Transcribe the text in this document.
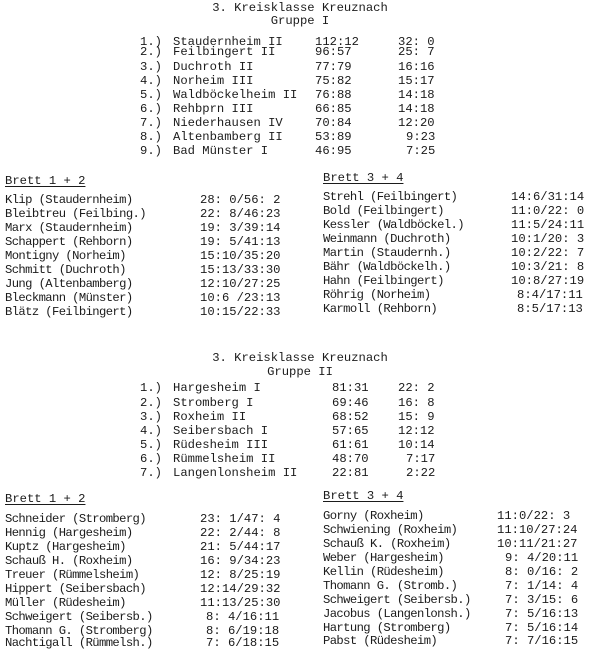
3. Kreisklasse Kreuznach
Gruppe I
1.) Staudernheim II	112:12	32: 0
2.) Feilbingert II	96:57	25: 7
3.) Duchroth II	77:79	16:16
4.) Norheim III	75:82	15:17
5.) Waldböckelheim II 76:88	14:18
6.) Rehbprn III	66:85	14:18
7.) Niederhausen IV	70:84	12:20
8.) Altenbamberg II	53:89	9:23
9.) Bad Münster I	46:95	7:25
Brett 1 + 2
Klip (Staudernheim)	28: 0/56: 2
Bleibtreu (Feilbing.)	22: 8/46:23
Marx (Staudernheim)	19: 3/39:14
Schappert (Rehborn)	19: 5/41:13
Montigny (Norheim)	15:10/35:20
Schmitt (Duchroth)	15:13/33:30
Jung (Altenbamberg)	12:10/27:25
Bleckmann (Münster)	10:6 /23:13
Blätz (Feilbingert)	10:15/22:33
Brett 3 + 4
Strehl (Feilbingert)	14:6/31:14
Bold (Feilbingert)	11:0/22: 0
Kessler (Waldböckel.)	11:5/24:11
Weinmann (Duchroth)	10:1/20: 3
Martin (Staudernh.)	10:2/22: 7
Bähr (Waldböckelh.)	10:3/21: 8
Hahn (Feilbingert)	10:8/27:19
Röhrig (Norheim)	8:4/17:11
Karmoll (Rehborn)	8:5/17:13
3. Kreisklasse Kreuznach
Gruppe II
1.) Hargesheim I	81:31 22: 2
2.) Stromberg I	69:46 16: 8
3.) Roxheim II	68:52 15: 9
4.) Seibersbach I	57:65 12:12
5.) Rüdesheim III	61:61 10:14
6.) Rümmelsheim II	48:70	7:17
7.) Langenlonsheim II	22:81	2:22
Brett 1 + 2
Schneider (Stromberg)	23: 1/47: 4
Hennig (Hargesheim)	22: 2/44: 8
Kuptz (Hargesheim)	21: 5/44:17
Schauß H. (Roxheim)	16: 9/34:23
Treuer (Rümmelsheim)	12: 8/25:19
Hippert (Seibersbach)	12:14/29:32
Müller (Rüdesheim)	11:13/25:30
Schweigert (Seibersb.)	8: 4/16:11
Thomann G. (Stromberg)	8: 6/19:18
Nachtigall (Rümmelsh.)	7: 6/18:15
Brett 3 + 4
Gorny (Roxheim)	11:0/22: 3
Schwiening (Roxheim)	11:10/27:24
Schauß K. (Roxheim)	10:11/21:27
Weber (Hargesheim)	9: 4/20:11
Kellin (Rüdesheim)	8: 0/16: 2
Thomann G. (Stromb.)	7: 1/14: 4
Schweigert (Seibersb.)	7: 3/15: 6
Jacobus (Langenlonsh.)	7: 5/16:13
Hartung (Stromberg)	7: 5/16:14
Pabst (Rüdesheim)	7: 7/16:15
